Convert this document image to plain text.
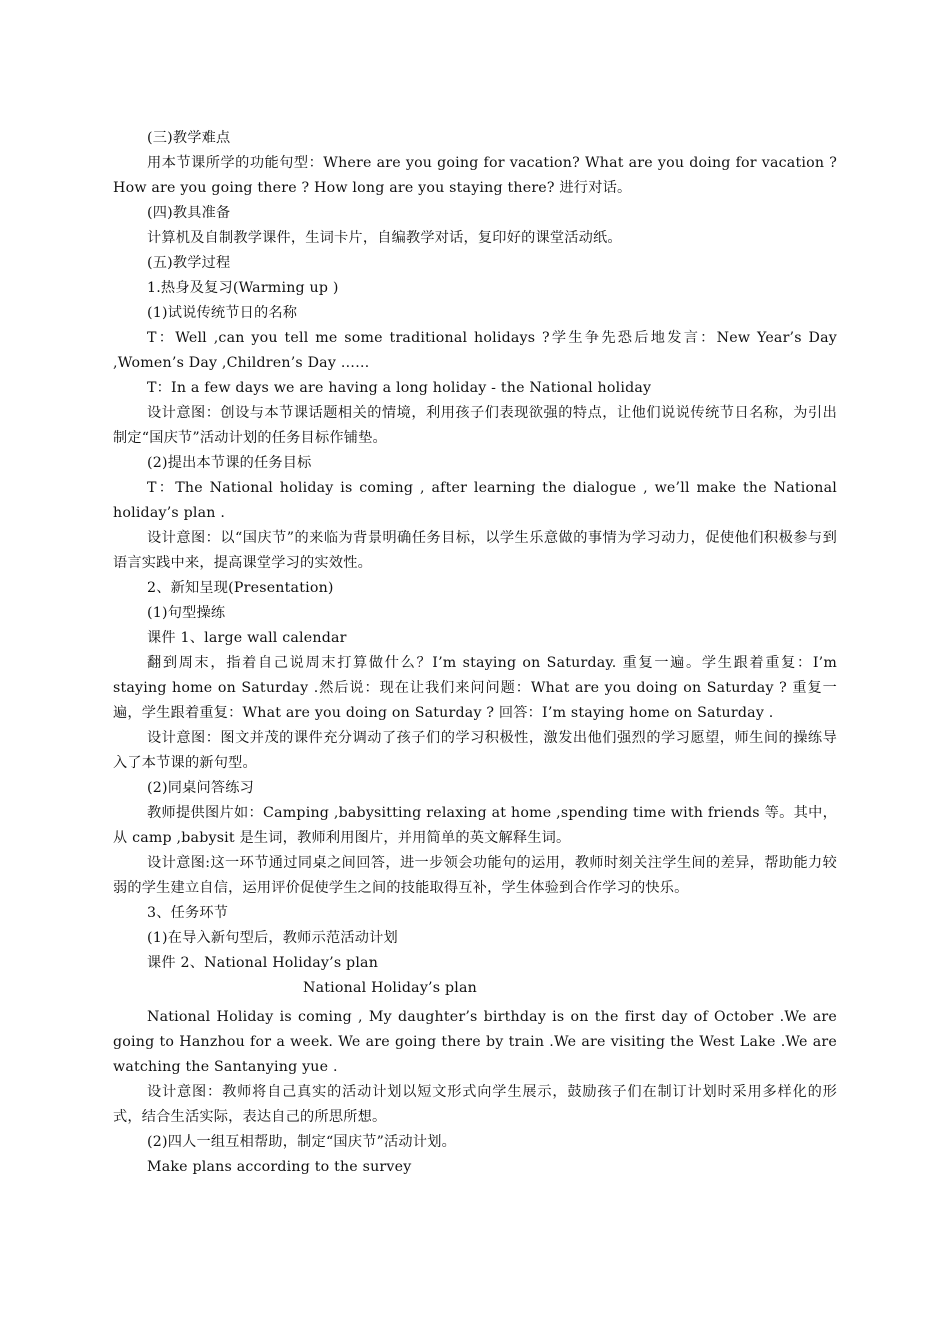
(三)教学难点

用本节课所学的功能句型：Where are you going for vacation? What are you doing for vacation ? How are you going there ? How long are you staying there? 进行对话。

(四)教具准备

计算机及自制教学课件，生词卡片，自编教学对话，复印好的课堂活动纸。

(五)教学过程

1.热身及复习(Warming up )

(1)试说传统节日的名称

T：Well ,can you tell me some traditional holidays ?学生争先恐后地发言：New Year’s Day ,Women’s Day ,Children’s Day ……

T：In a few days we are having a long holiday - the National holiday

设计意图：创设与本节课话题相关的情境，利用孩子们表现欲强的特点，让他们说说传统节日名称，为引出制定“国庆节”活动计划的任务目标作铺垫。

(2)提出本节课的任务目标

T：The National holiday is coming , after learning the dialogue , we’ll make the National holiday’s plan .

设计意图：以“国庆节”的来临为背景明确任务目标，以学生乐意做的事情为学习动力，促使他们积极参与到语言实践中来，提高课堂学习的实效性。

2、新知呈现(Presentation)

(1)句型操练

课件 1、large wall calendar

翻到周末，指着自己说周末打算做什么？I’m staying on Saturday. 重复一遍。学生跟着重复：I’m staying home on Saturday .然后说：现在让我们来问问题：What are you doing on Saturday ? 重复一遍，学生跟着重复：What are you doing on Saturday ? 回答：I’m staying home on Saturday .

设计意图：图文并茂的课件充分调动了孩子们的学习积极性，激发出他们强烈的学习愿望，师生间的操练导入了本节课的新句型。

(2)同桌问答练习

教师提供图片如：Camping ,babysitting relaxing at home ,spending time with friends 等。其中，从 camp ,babysit 是生词，教师利用图片，并用简单的英文解释生词。

设计意图:这一环节通过同桌之间回答，进一步领会功能句的运用，教师时刻关注学生间的差异，帮助能力较弱的学生建立自信，运用评价促使学生之间的技能取得互补，学生体验到合作学习的快乐。

3、任务环节

(1)在导入新句型后，教师示范活动计划

课件 2、National Holiday’s plan

National Holiday’s plan

National Holiday is coming , My daughter’s birthday is on the first day of October .We are going to Hanzhou for a week. We are going there by train .We are visiting the West Lake .We are watching the Santanying yue .

设计意图：教师将自己真实的活动计划以短文形式向学生展示，鼓励孩子们在制订计划时采用多样化的形式，结合生活实际，表达自己的所思所想。

(2)四人一组互相帮助，制定“国庆节”活动计划。

Make plans according to the survey
